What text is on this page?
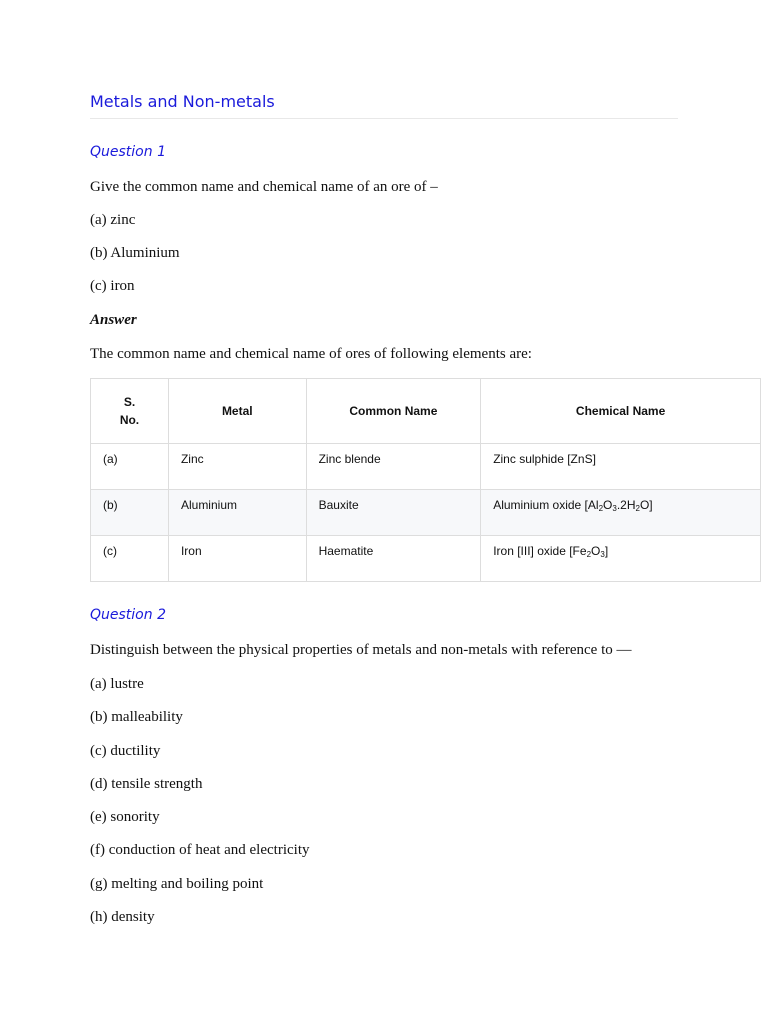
Metals and Non-metals
Question 1

Give the common name and chemical name of an ore of –

(a) zinc

(b) Aluminium

(c) iron

Answer

The common name and chemical name of ores of following elements are:

S.
No.	Metal	Common Name	Chemical Name
(a)	Zinc	Zinc blende	Zinc sulphide [ZnS]
(b)	Aluminium	Bauxite	Aluminium oxide $[Al_2O_3.2H_2O]$
(c)	Iron	Haematite	Iron [III] oxide $[Fe_2O_3]$
Question 2

Distinguish between the physical properties of metals and non-metals with reference to —

(a) lustre

(b) malleability

(c) ductility

(d) tensile strength

(e) sonority

(f) conduction of heat and electricity

(g) melting and boiling point

(h) density
